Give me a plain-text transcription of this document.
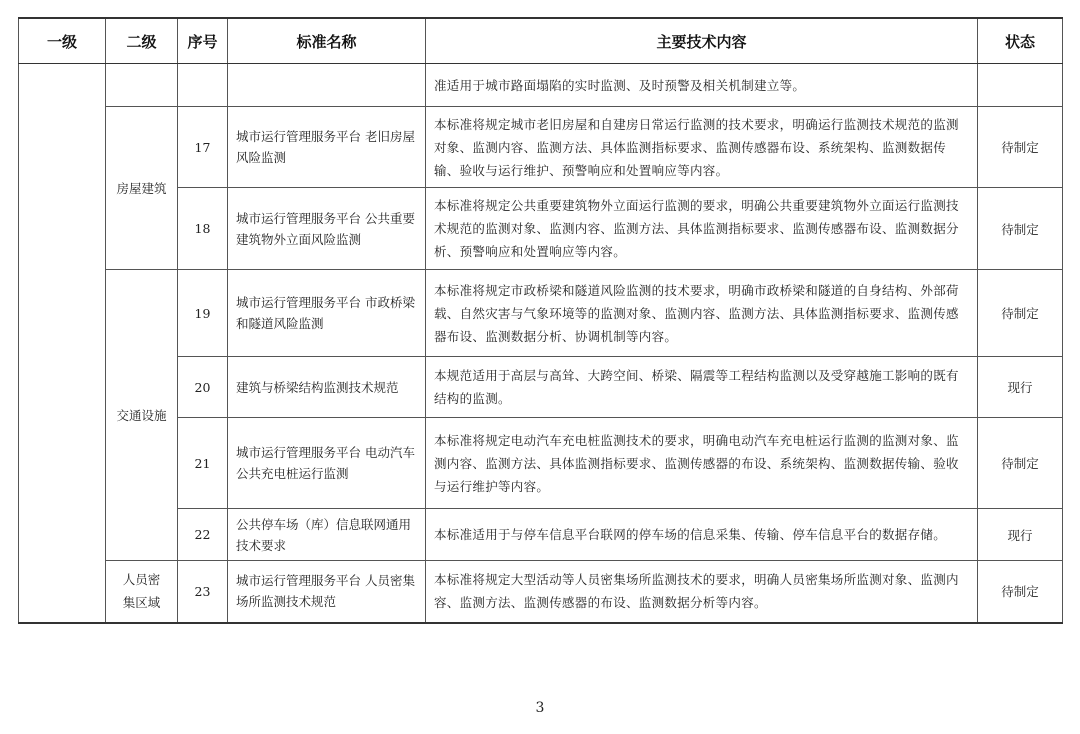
一级	二级	序号	标准名称	主要技术内容	状态
				准适用于城市路面塌陷的实时监测、及时预警及相关机制建立等。	
	房屋建筑	17	城市运行管理服务平台 老旧房屋风险监测	本标准将规定城市老旧房屋和自建房日常运行监测的技术要求，明确运行监测技术规范的监测对象、监测内容、监测方法、具体监测指标要求、监测传感器布设、系统架构、监测数据传输、验收与运行维护、预警响应和处置响应等内容。	待制定
		18	城市运行管理服务平台 公共重要建筑物外立面风险监测	本标准将规定公共重要建筑物外立面运行监测的要求，明确公共重要建筑物外立面运行监测技术规范的监测对象、监测内容、监测方法、具体监测指标要求、监测传感器布设、监测数据分析、预警响应和处置响应等内容。	待制定
	交通设施	19	城市运行管理服务平台 市政桥梁和隧道风险监测	本标准将规定市政桥梁和隧道风险监测的技术要求，明确市政桥梁和隧道的自身结构、外部荷载、自然灾害与气象环境等的监测对象、监测内容、监测方法、具体监测指标要求、监测传感器布设、监测数据分析、协调机制等内容。	待制定
		20	建筑与桥梁结构监测技术规范	本规范适用于高层与高耸、大跨空间、桥梁、隔震等工程结构监测以及受穿越施工影响的既有结构的监测。	现行
		21	城市运行管理服务平台 电动汽车公共充电桩运行监测	本标准将规定电动汽车充电桩监测技术的要求，明确电动汽车充电桩运行监测的监测对象、监测内容、监测方法、具体监测指标要求、监测传感器的布设、系统架构、监测数据传输、验收与运行维护等内容。	待制定
		22	公共停车场（库）信息联网通用技术要求	本标准适用于与停车信息平台联网的停车场的信息采集、传输、停车信息平台的数据存储。	现行
	人员密集区域	23	城市运行管理服务平台 人员密集场所监测技术规范	本标准将规定大型活动等人员密集场所监测技术的要求，明确人员密集场所监测对象、监测内容、监测方法、监测传感器的布设、监测数据分析等内容。	待制定
3
